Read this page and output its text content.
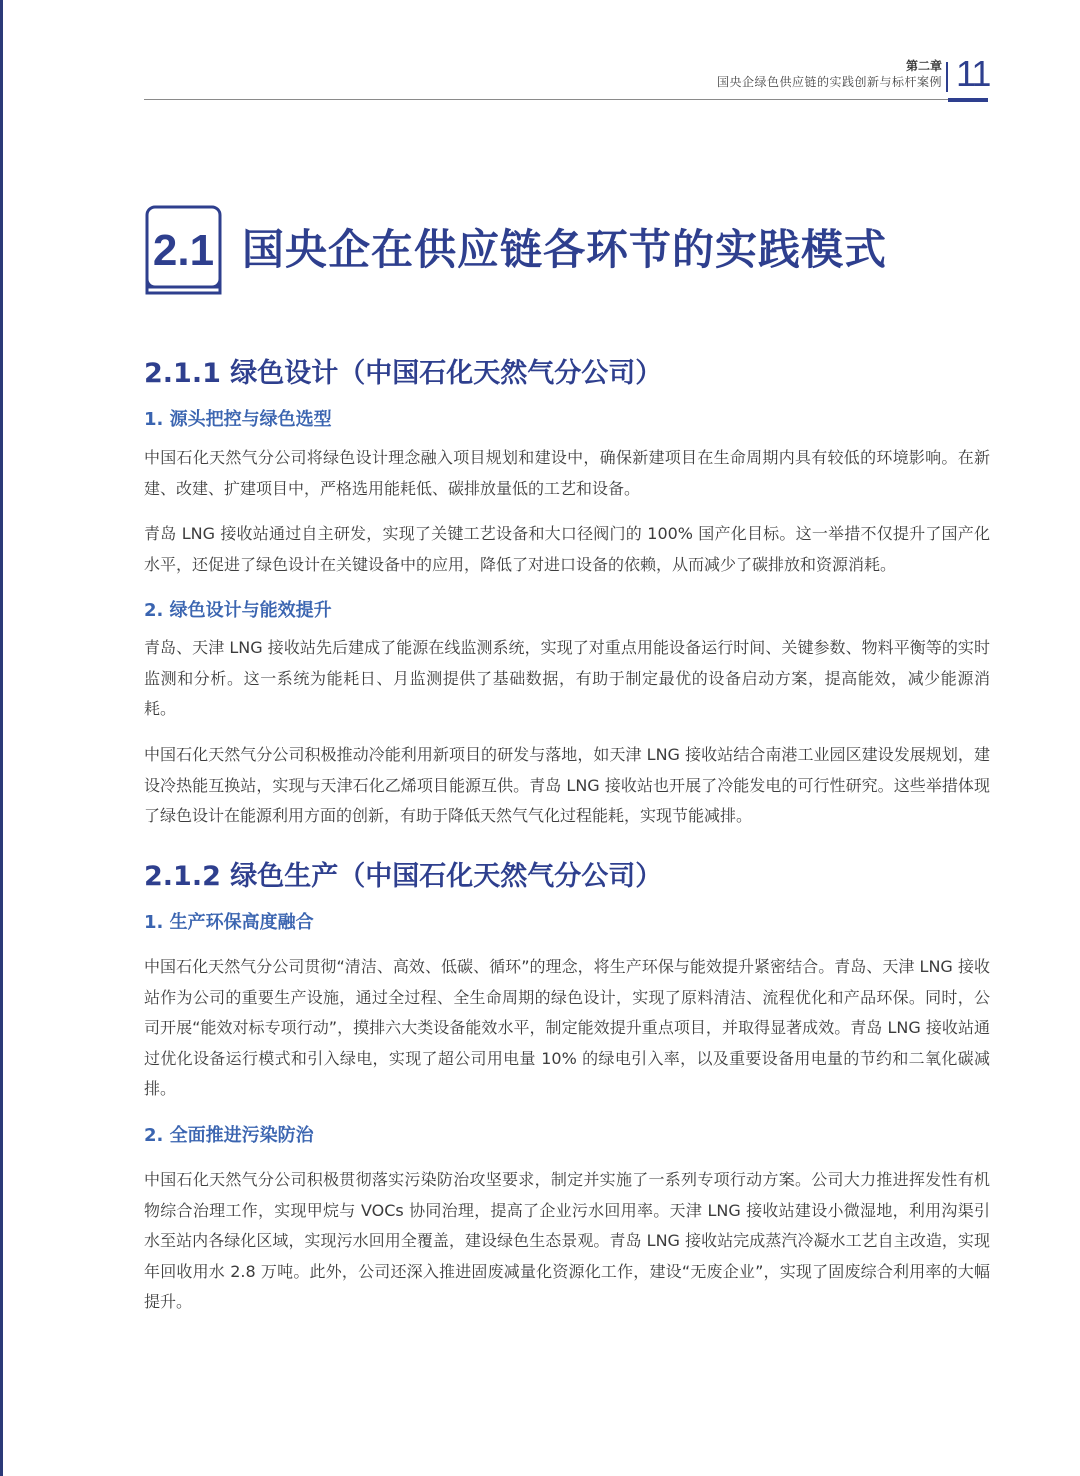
第二章
国央企绿色供应链的实践创新与标杆案例 11
2.1 国央企在供应链各环节的实践模式
2.1.1 绿色设计（中国石化天然气分公司）
1. 源头把控与绿色选型
中国石化天然气分公司将绿色设计理念融入项目规划和建设中，确保新建项目在生命周期内具有较低的环境影响。在新建、改建、扩建项目中，严格选用能耗低、碳排放量低的工艺和设备。
青岛 LNG 接收站通过自主研发，实现了关键工艺设备和大口径阀门的 100% 国产化目标。这一举措不仅提升了国产化水平，还促进了绿色设计在关键设备中的应用，降低了对进口设备的依赖，从而减少了碳排放和资源消耗。
2. 绿色设计与能效提升
青岛、天津 LNG 接收站先后建成了能源在线监测系统，实现了对重点用能设备运行时间、关键参数、物料平衡等的实时监测和分析。这一系统为能耗日、月监测提供了基础数据，有助于制定最优的设备启动方案，提高能效，减少能源消耗。
中国石化天然气分公司积极推动冷能利用新项目的研发与落地，如天津 LNG 接收站结合南港工业园区建设发展规划，建设冷热能互换站，实现与天津石化乙烯项目能源互供。青岛 LNG 接收站也开展了冷能发电的可行性研究。这些举措体现了绿色设计在能源利用方面的创新，有助于降低天然气气化过程能耗，实现节能减排。
2.1.2 绿色生产（中国石化天然气分公司）
1. 生产环保高度融合
中国石化天然气分公司贯彻“清洁、高效、低碳、循环”的理念，将生产环保与能效提升紧密结合。青岛、天津 LNG 接收站作为公司的重要生产设施，通过全过程、全生命周期的绿色设计，实现了原料清洁、流程优化和产品环保。同时，公司开展“能效对标专项行动”，摸排六大类设备能效水平，制定能效提升重点项目，并取得显著成效。青岛 LNG 接收站通过优化设备运行模式和引入绿电，实现了超公司用电量 10% 的绿电引入率，以及重要设备用电量的节约和二氧化碳减排。
2. 全面推进污染防治
中国石化天然气分公司积极贯彻落实污染防治攻坚要求，制定并实施了一系列专项行动方案。公司大力推进挥发性有机物综合治理工作，实现甲烷与 VOCs 协同治理，提高了企业污水回用率。天津 LNG 接收站建设小微湿地，利用沟渠引水至站内各绿化区域，实现污水回用全覆盖，建设绿色生态景观。青岛 LNG 接收站完成蒸汽冷凝水工艺自主改造，实现年回收用水 2.8 万吨。此外，公司还深入推进固废减量化资源化工作，建设“无废企业”，实现了固废综合利用率的大幅提升。
